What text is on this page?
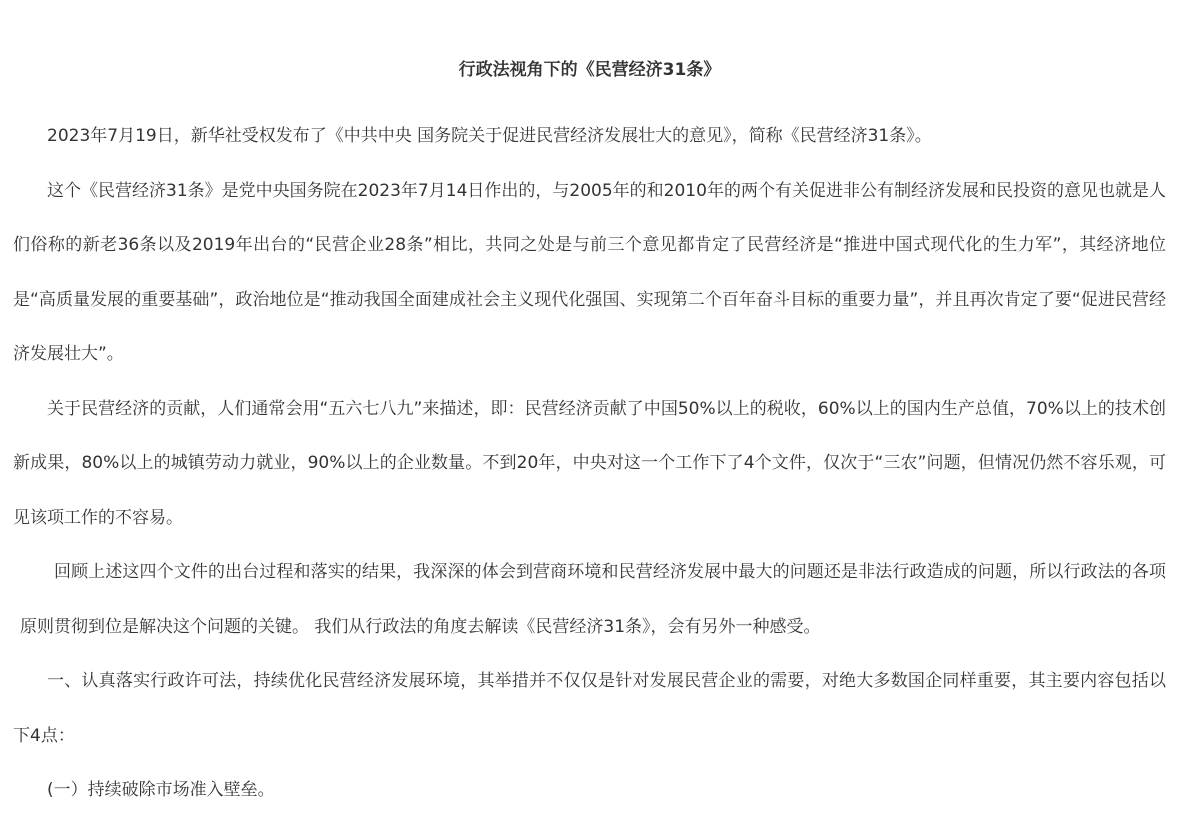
行政法视角下的《民营经济31条》

2023年7月19日，新华社受权发布了《中共中央 国务院关于促进民营经济发展壮大的意见》，简称《民营经济31条》。

这个《民营经济31条》是党中央国务院在2023年7月14日作出的，与2005年的和2010年的两个有关促进非公有制经济发展和民投资的意见也就是人们俗称的新老36条以及2019年出台的“民营企业28条”相比，共同之处是与前三个意见都肯定了民营经济是“推进中国式现代化的生力军”，其经济地位是“高质量发展的重要基础”，政治地位是“推动我国全面建成社会主义现代化强国、实现第二个百年奋斗目标的重要力量”，并且再次肯定了要“促进民营经济发展壮大”。

关于民营经济的贡献，人们通常会用“五六七八九”来描述，即：民营经济贡献了中国50%以上的税收，60%以上的国内生产总值，70%以上的技术创新成果，80%以上的城镇劳动力就业，90%以上的企业数量。不到20年，中央对这一个工作下了4个文件，仅次于“三农”问题，但情况仍然不容乐观，可见该项工作的不容易。

回顾上述这四个文件的出台过程和落实的结果，我深深的体会到营商环境和民营经济发展中最大的问题还是非法行政造成的问题，所以行政法的各项原则贯彻到位是解决这个问题的关键。 我们从行政法的角度去解读《民营经济31条》，会有另外一种感受。

一、认真落实行政许可法，持续优化民营经济发展环境，其举措并不仅仅是针对发展民营企业的需要，对绝大多数国企同样重要，其主要内容包括以下4点：

(一）持续破除市场准入壁垒。
